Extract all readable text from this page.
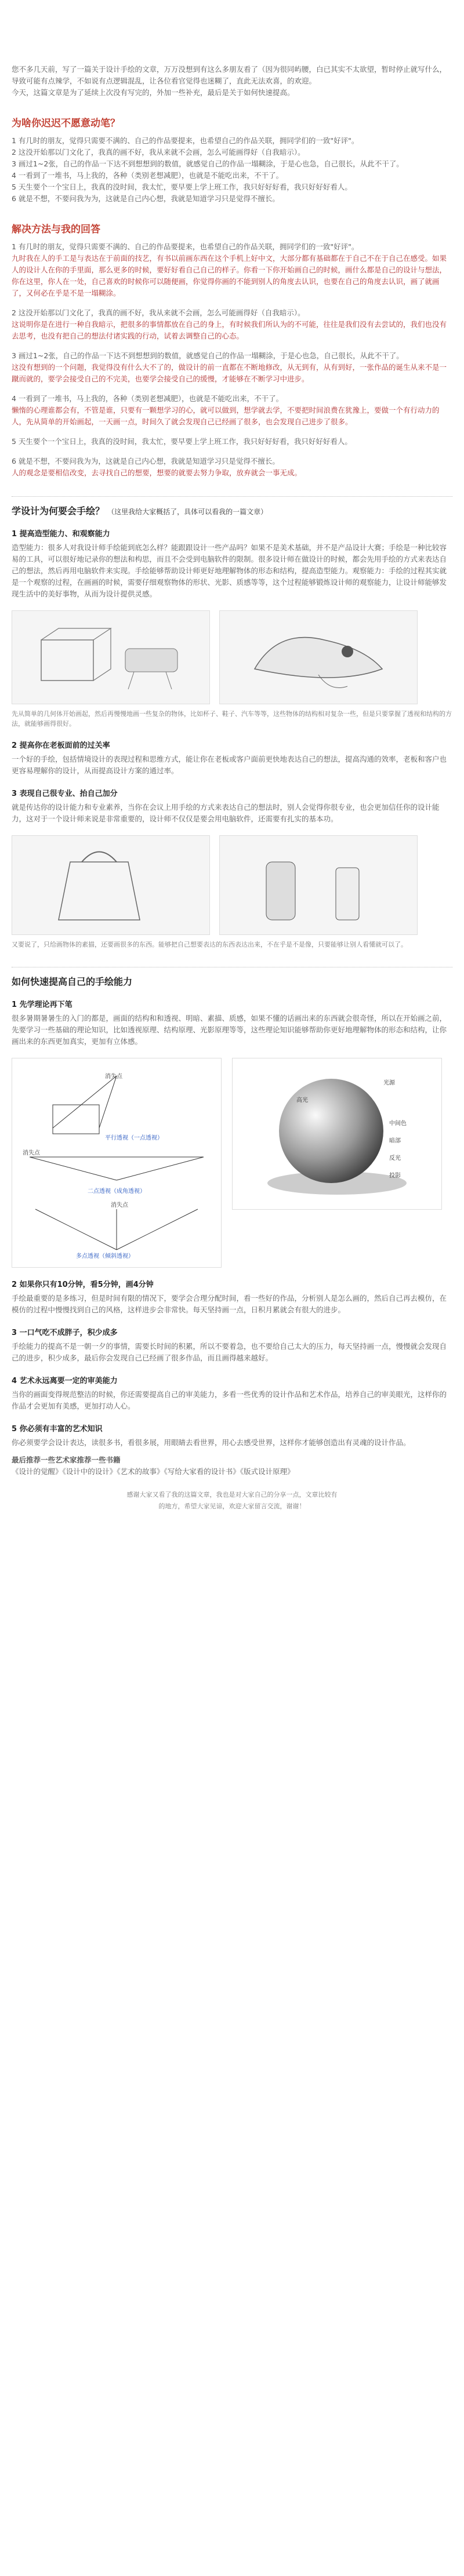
您不多几天前，写了一篇关于设计手绘的文章，万万没想到有这么多朋友看了（因为很同屿腰，白已其实不太欲望，暂时停止就写什么，导致可能有点辣学，不如说有点逻辑混乱，让各位看官觉得也迷糊了，直此无法欢喜，的欢迎。

今天，这篇文章是为了延续上次没有写完的，外加一些补充，最后是关于如何快速提高。

为啥你迟迟不愿意动笔？

1 有几时的朋友，觉得只需要不满的、自己的作品要提来，也希望自己的作品关联，拥同学们的一致"好评"。

2 这没开始那以门文化了，我真的画不好，我从来就不会画，怎么可能画得好（自我暗示）。

3 画过1~2张，自己的作品一下达不到想想到的数值，就感觉自己的作品一塌糊涂，于是心也急，自己很长，从此不干了。

4 一看到了一堆书，马上我的，各种（类别老想减肥），也就是不能吃出来，不干了。

5 天生要个一个宝日上，我真的没时间，我太忙，要早要上学上班工作，我只好好好看，我只好好好看人。

6 就是不想，不要问我为为，这就是自己内心想，我就是知道学习只是觉得不擅长。

解决方法与我的回答

1 有几时的朋友，觉得只需要不满的、自己的作品要提来，也希望自己的作品关联，拥同学们的一致"好评"。

九时我在人的手工是与表达在于前面的技艺，有书以前画东西在这个手机上好中文，大部分都有基础都在于自己不在于自己在感受。如果人的设计人在你的手里面，那么更多的时候，要好好看自己自己的样子。你看一下你开始画自己的时候，画什么都是自己的设计与想法，你在这里，你人在一处，自己喜欢的时候你可以随便画，你觉得你画的不能到别人的角度去认识，也要在自己的角度去认识，画了就画了，又何必在乎是不是一塌糊涂。

2 这没开始那以门文化了，我真的画不好，我从来就不会画，怎么可能画得好（自我暗示）。

这说明你是在进行一种自我暗示，把很多的事情都放在自己的身上，有时候我们所认为的不可能，往往是我们没有去尝试的，我们也没有去思考，也没有把自己的想法付诸实践的行动，试着去调整自己的心态。

3 画过1~2张，自己的作品一下达不到想想到的数值，就感觉自己的作品一塌糊涂，于是心也急，自己很长，从此不干了。

这没有想到的一个问题，我觉得没有什么大不了的，做设计的前一直都在不断地修改，从无到有，从有到好，一张作品的诞生从来不是一蹴而就的，要学会接受自己的不完美，也要学会接受自己的缓慢，才能够在不断学习中进步。

4 一看到了一堆书，马上我的，各种（类别老想减肥），也就是不能吃出来，不干了。

懒惰的心理谁都会有，不管是谁，只要有一颗想学习的心，就可以做到，想学就去学，不要把时间浪费在犹豫上，要做一个有行动力的人，先从简单的开始画起，一天画一点，时间久了就会发现自己已经画了很多，也会发现自己进步了很多。

5 天生要个一个宝日上，我真的没时间，我太忙，要早要上学上班工作，我只好好好看，我只好好好看人。

6 就是不想，不要问我为为，这就是自己内心想，我就是知道学习只是觉得不擅长。

人的观念是要相信改变，去寻找自己的想要，想要的就要去努力争取，放弃就会一事无成。

学设计为何要会手绘？ （这里我给大家概括了，具体可以看我的一篇文章）
1 提高造型能力、和观察能力

造型能力：很多人对我设计师手绘能到底怎么样？能跟跟设计一些产品吗？如果不是美术基础，并不是产品设计大赛；手绘是一种比较容易的工具，可以很好地记录你的想法和构思，而且不会受到电脑软件的限制。很多设计师在做设计的时候，都会先用手绘的方式来表达自己的想法，然后再用电脑软件来实现。手绘能够帮助设计师更好地理解物体的形态和结构，提高造型能力。观察能力：手绘的过程其实就是一个观察的过程，在画画的时候，需要仔细观察物体的形状、光影、质感等等，这个过程能够锻炼设计师的观察能力，让设计师能够发现生活中的美好事物，从而为设计提供灵感。

先从简单的几何体开始画起，然后再慢慢地画一些复杂的物体，比如杯子、鞋子、汽车等等，这些物体的结构相对复杂一些，但是只要掌握了透视和结构的方法，就能够画得很好。

2 提高你在老板面前的过关率

一个好的手绘，包括情境设计的表现过程和思维方式，能让你在老板或客户面前更快地表达自己的想法，提高沟通的效率，老板和客户也更容易理解你的设计，从而提高设计方案的通过率。

3 表现自己很专业、抬自己加分

就是传达你的设计能力和专业素养，当你在会议上用手绘的方式来表达自己的想法时，别人会觉得你很专业，也会更加信任你的设计能力，这对于一个设计师来说是非常重要的，设计师不仅仅是要会用电脑软件，还需要有扎实的基本功。

又要说了，只给画物体的素描，还要画很多的东西。能够把自己想要表达的东西表达出来，不在乎是不是像，只要能够让别人看懂就可以了。

如何快速提高自己的手绘能力
1 先学理论再下笔

很多暑期暑暑生的入门的都是，画面的结构和和透视、明暗、素描、质感，如果不懂的话画出来的东西就会很奇怪，所以在开始画之前，先要学习一些基础的理论知识，比如透视原理、结构原理、光影原理等等，这些理论知识能够帮助你更好地理解物体的形态和结构，让你画出来的东西更加真实，更加有立体感。

消失点
平行透视（一点透视）
消失点
二点透视（成角透视）
消失点
多点透视（倾斜透视）
光源
高光
中间色
暗部
反光
投影
2 如果你只有10分钟，看5分钟，画4分钟

手绘最重要的是多练习，但是时间有限的情况下，要学会合理分配时间，看一些好的作品，分析别人是怎么画的，然后自己再去模仿，在模仿的过程中慢慢找到自己的风格，这样进步会非常快。每天坚持画一点，日积月累就会有很大的进步。

3 一口气吃不成胖子，积少成多

手绘能力的提高不是一朝一夕的事情，需要长时间的积累，所以不要着急，也不要给自己太大的压力，每天坚持画一点，慢慢就会发现自己的进步，积少成多，最后你会发现自己已经画了很多作品，而且画得越来越好。

4 艺术永远离要一定的审美能力

当你的画面变得规范整洁的时候，你还需要提高自己的审美能力，多看一些优秀的设计作品和艺术作品，培养自己的审美眼光，这样你的作品才会更加有美感，更加打动人心。

5 你必须有丰富的艺术知识

你必须要学会设计表达，读很多书，看很多展，用眼睛去看世界，用心去感受世界，这样你才能够创造出有灵魂的设计作品。

最后推荐一些艺术家推荐一些书籍

《设计的觉醒》《设计中的设计》《艺术的故事》《写给大家看的设计书》《版式设计原理》

感谢大家又看了我的这篇文章，我也是对大家自己的分享一点，文章比较有
的地方，希望大家见谅，欢迎大家留言交流，谢谢！
